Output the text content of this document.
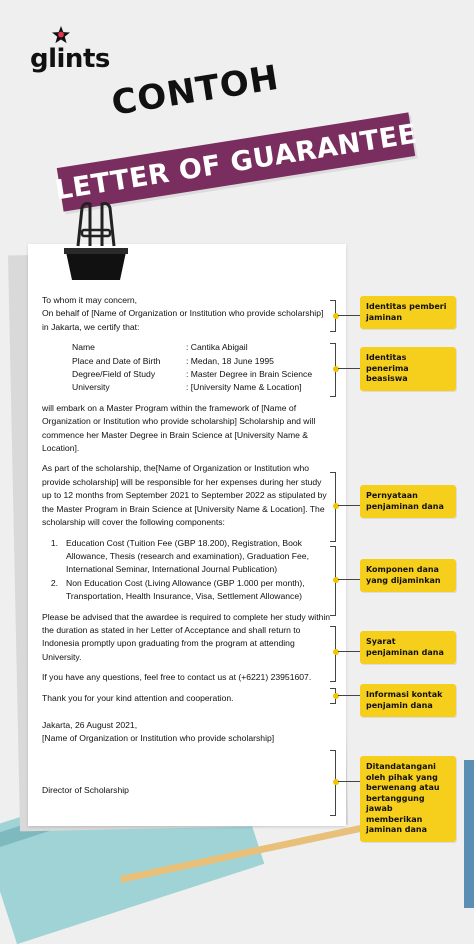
glints CONTOH
LETTER OF GUARANTEE

To whom it may concern,

On behalf of [Name of Organization or Institution who provide scholarship] in Jakarta, we certify that:

Name	: Cantika Abigail
Place and Date of Birth	: Medan, 18 June 1995
Degree/Field of Study	: Master Degree in Brain Science
University	: [University Name & Location]

will embark on a Master Program within the framework of [Name of Organization or Institution who provide scholarship] Scholarship and will commence her Master Degree in Brain Science at [University Name & Location].

As part of the scholarship, the[Name of Organization or Institution who provide scholarship] will be responsible for her expenses during her study up to 12 months from September 2021 to September 2022 as stipulated by the Master Program in Brain Science at [University Name & Location]. The scholarship will cover the following components:

1. Education Cost (Tuition Fee (GBP 18.200), Registration, Book Allowance, Thesis (research and examination), Graduation Fee, International Seminar, International Journal Publication)
2. Non Education Cost (Living Allowance (GBP 1.000 per month), Transportation, Health Insurance, Visa, Settlement Allowance)

Please be advised that the awardee is required to complete her study within the duration as stated in her Letter of Acceptance and shall return to Indonesia promptly upon graduating from the program at attending University.

If you have any questions, feel free to contact us at (+6221) 23951607.

Thank you for your kind attention and cooperation.

Jakarta, 26 August 2021,

[Name of Organization or Institution who provide scholarship]

Director of Scholarship

Identitas pemberi jaminan
Identitas penerima beasiswa
Pernyataan penjaminan dana
Komponen dana yang dijaminkan
Syarat penjaminan dana
Informasi kontak penjamin dana
Ditandatangani oleh pihak yang berwenang atau bertanggung jawab memberikan jaminan dana
